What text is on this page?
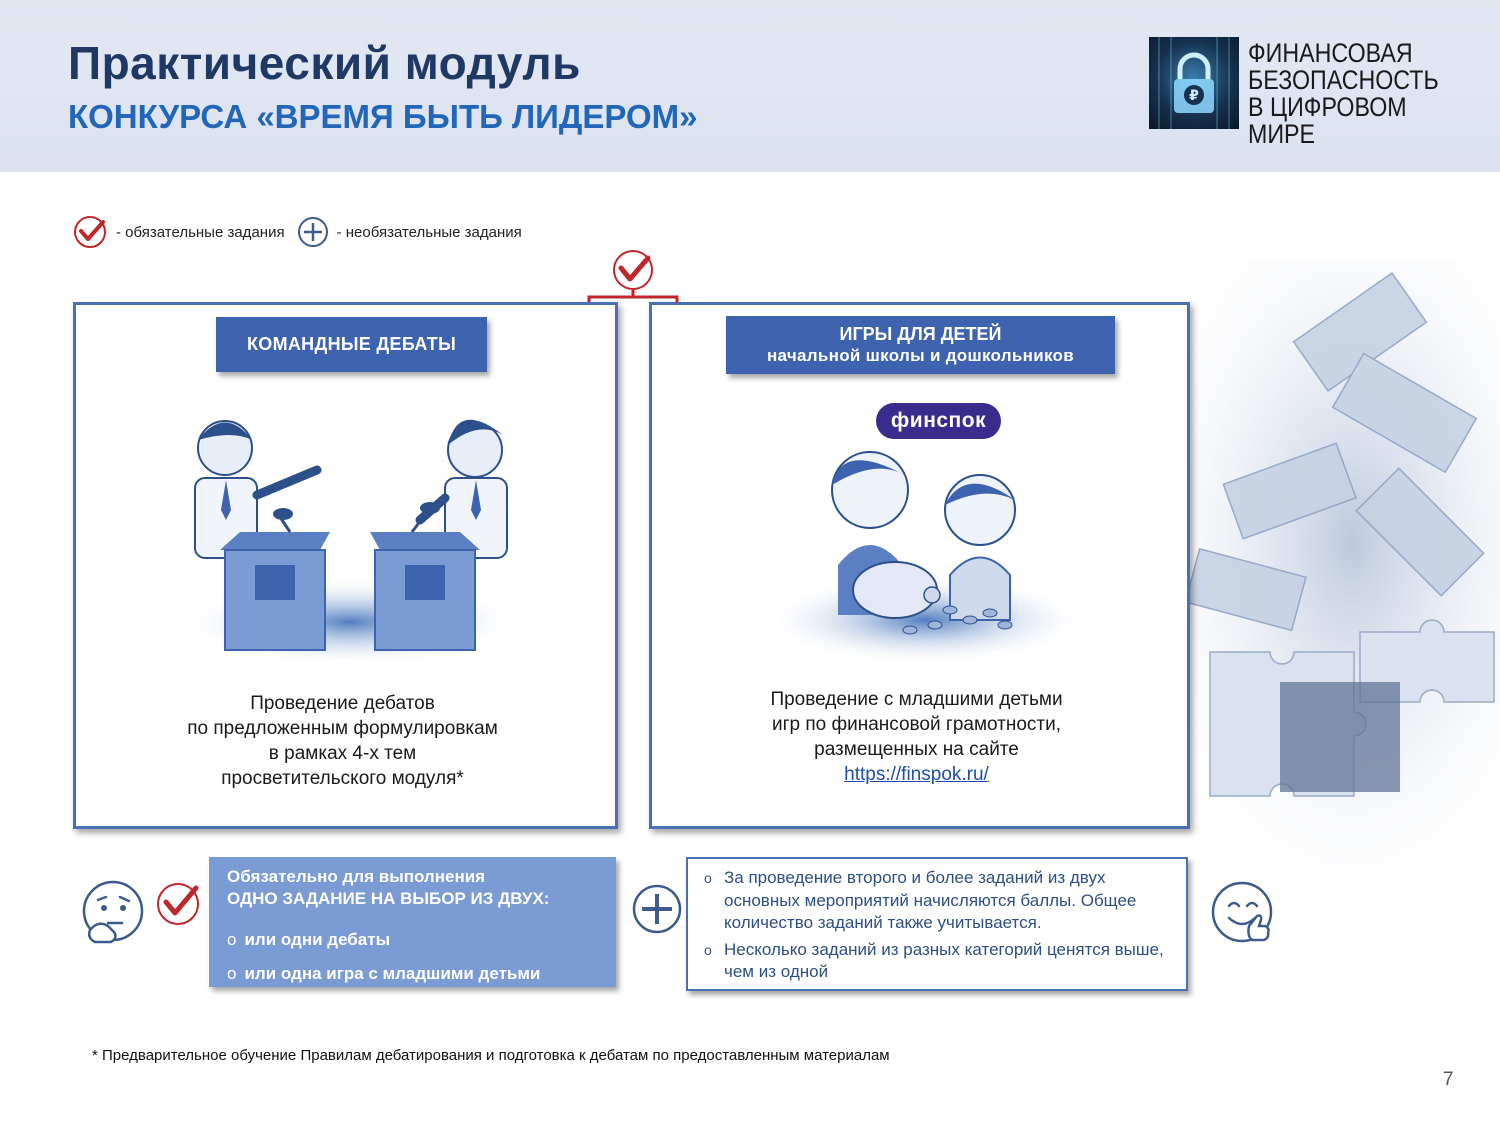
Практический модуль
КОНКУРСА «ВРЕМЯ БЫТЬ ЛИДЕРОМ»
₽
ФИНАНСОВАЯ
БЕЗОПАСНОСТЬ
В ЦИФРОВОМ МИРЕ
- обязательные задания	- необязательные задания
КОМАНДНЫЕ ДЕБАТЫ
Проведение дебатов
по предложенным формулировкам
в рамках 4-х тем
просветительского модуля*
ИГРЫ ДЛЯ ДЕТЕЙ
начальной школы и дошкольников
финспок
Проведение с младшими детьми
игр по финансовой грамотности,
размещенных на сайте
https://finspok.ru/
Обязательно для выполнения
ОДНО ЗАДАНИЕ НА ВЫБОР ИЗ ДВУХ:
o или одни дебаты
o или одна игра с младшими детьми
o За проведение второго и более заданий из двух основных мероприятий начисляются баллы. Общее количество заданий также учитывается.
o Несколько заданий из разных категорий ценятся выше, чем из одной
* Предварительное обучение Правилам дебатирования и подготовка к дебатам по предоставленным материалам
7
